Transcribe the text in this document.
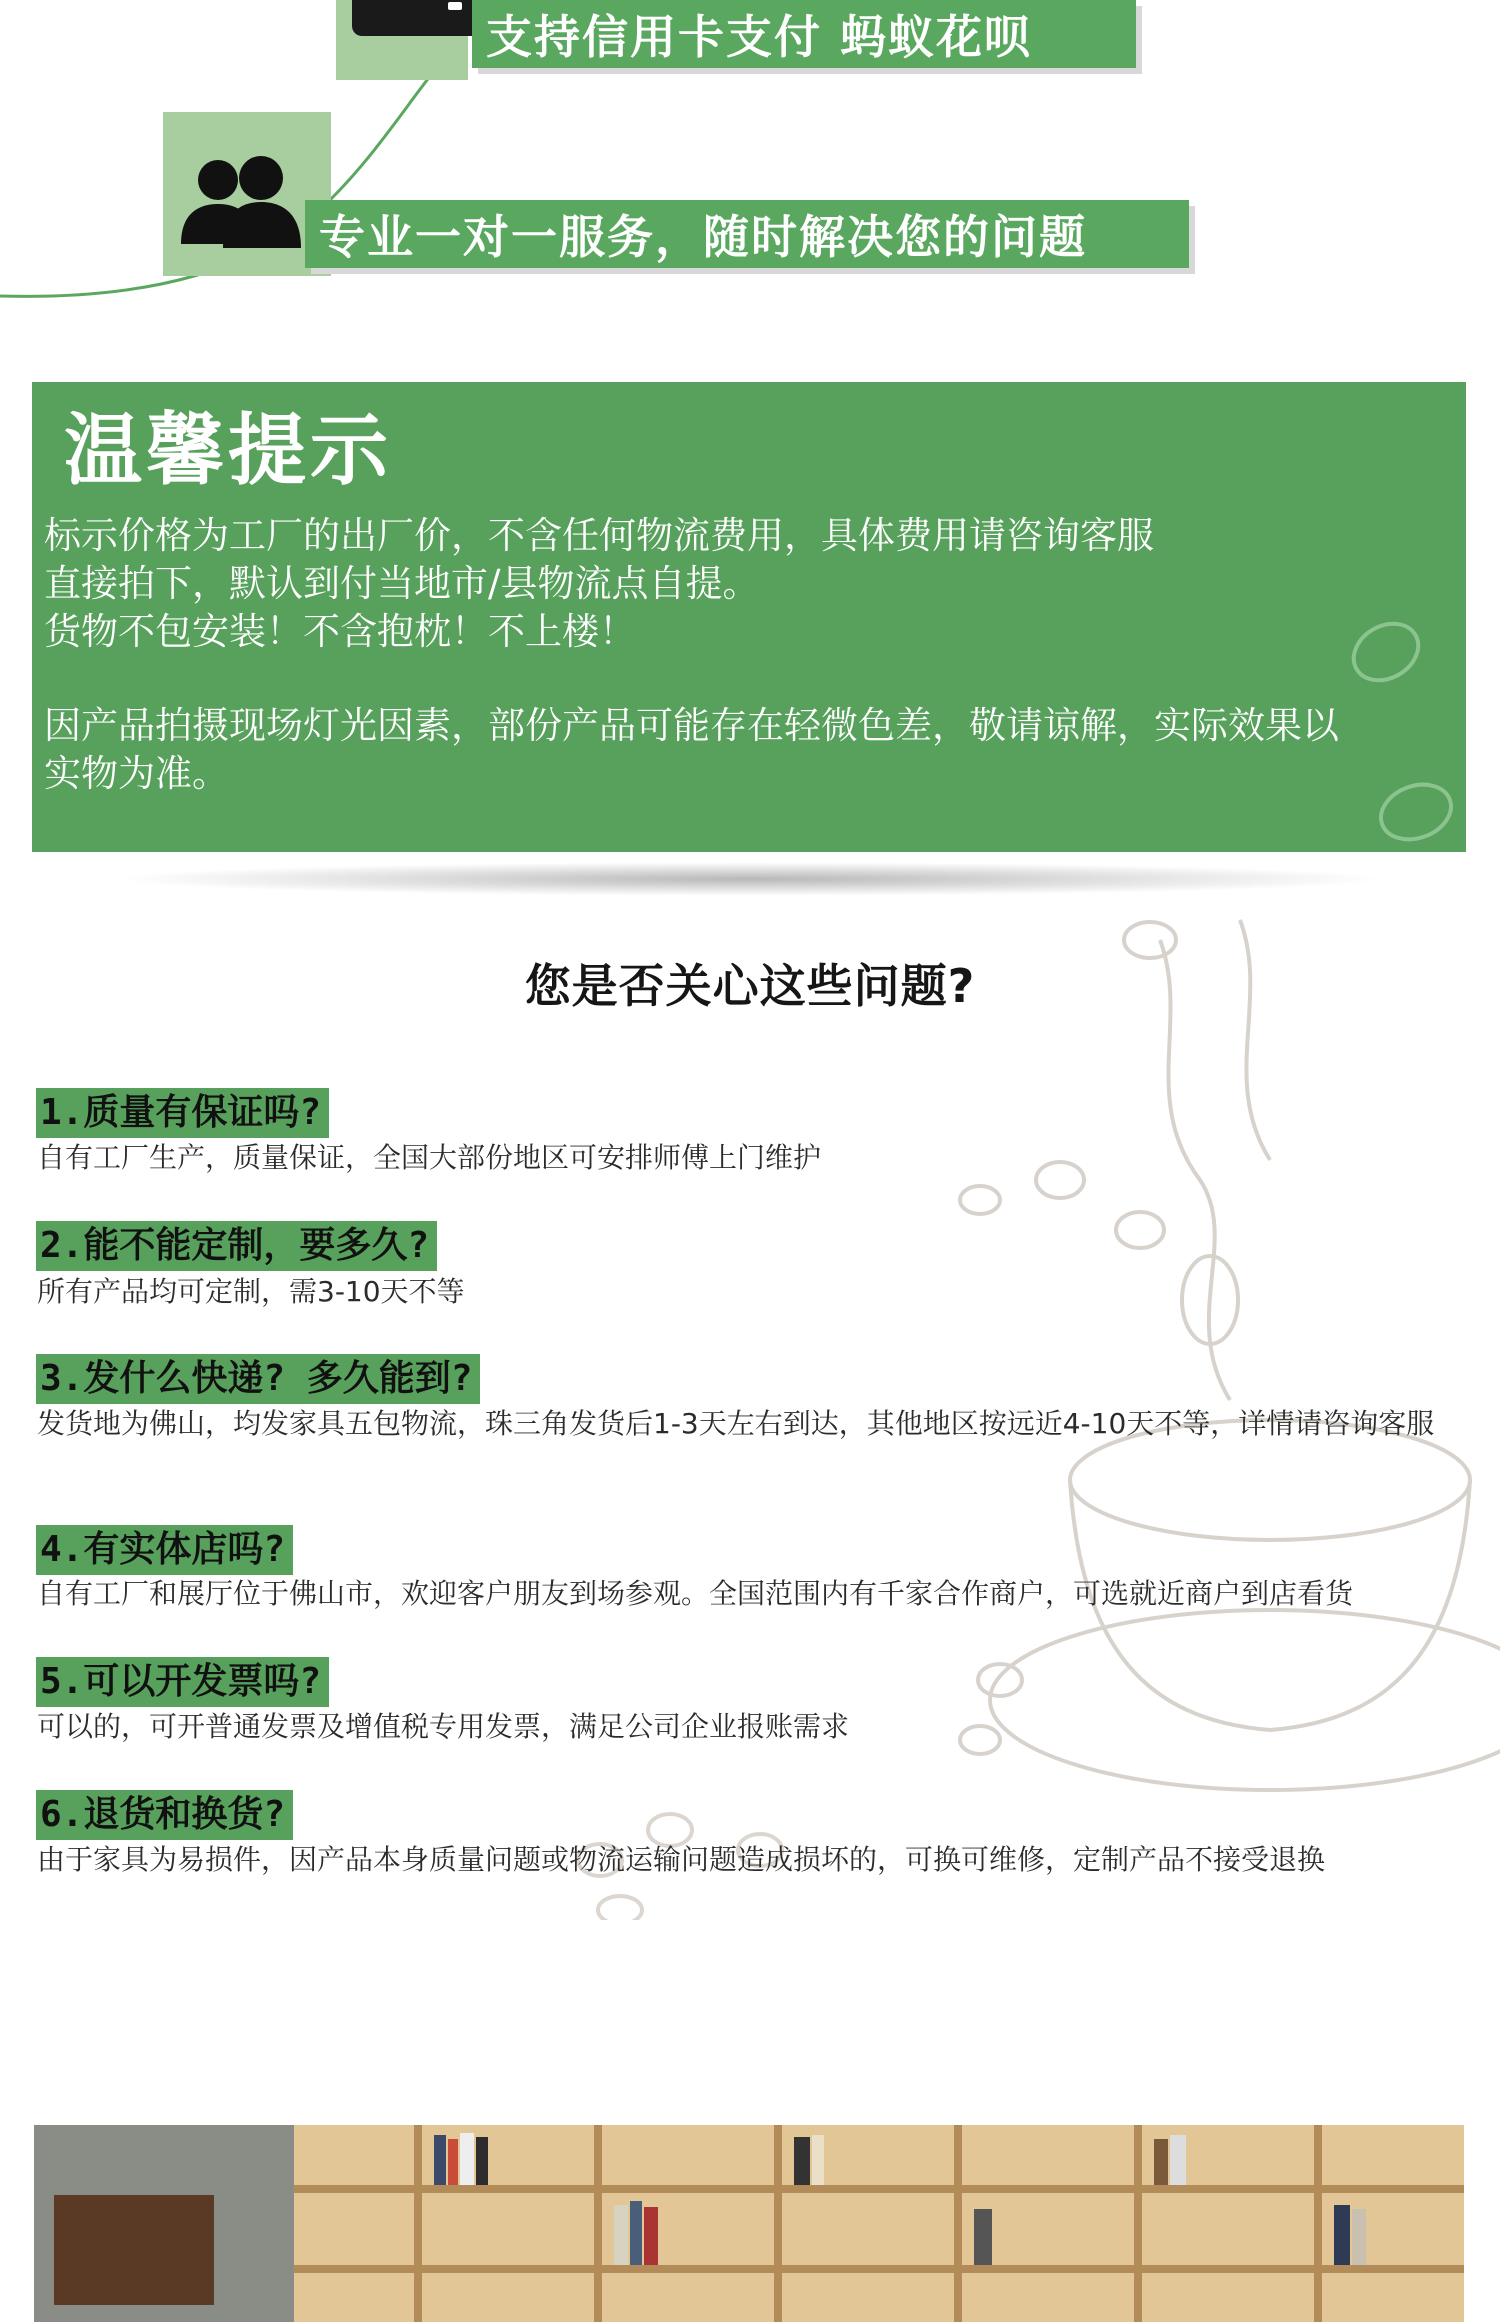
支持信用卡支付 蚂蚁花呗
专业一对一服务，随时解决您的问题
温馨提示
标示价格为工厂的出厂价，不含任何物流费用，具体费用请咨询客服
直接拍下，默认到付当地市/县物流点自提。
货物不包安装！不含抱枕！不上楼！
因产品拍摄现场灯光因素，部份产品可能存在轻微色差，敬请谅解，实际效果以
实物为准。
您是否关心这些问题?
1.质量有保证吗?
自有工厂生产，质量保证，全国大部份地区可安排师傅上门维护
2.能不能定制，要多久?
所有产品均可定制，需3-10天不等
3.发什么快递? 多久能到?
发货地为佛山，均发家具五包物流，珠三角发货后1-3天左右到达，其他地区按远近4-10天不等，详情请咨询客服
4.有实体店吗?
自有工厂和展厅位于佛山市，欢迎客户朋友到场参观。全国范围内有千家合作商户，可选就近商户到店看货
5.可以开发票吗?
可以的，可开普通发票及增值税专用发票，满足公司企业报账需求
6.退货和换货?
由于家具为易损件，因产品本身质量问题或物流运输问题造成损坏的，可换可维修，定制产品不接受退换
